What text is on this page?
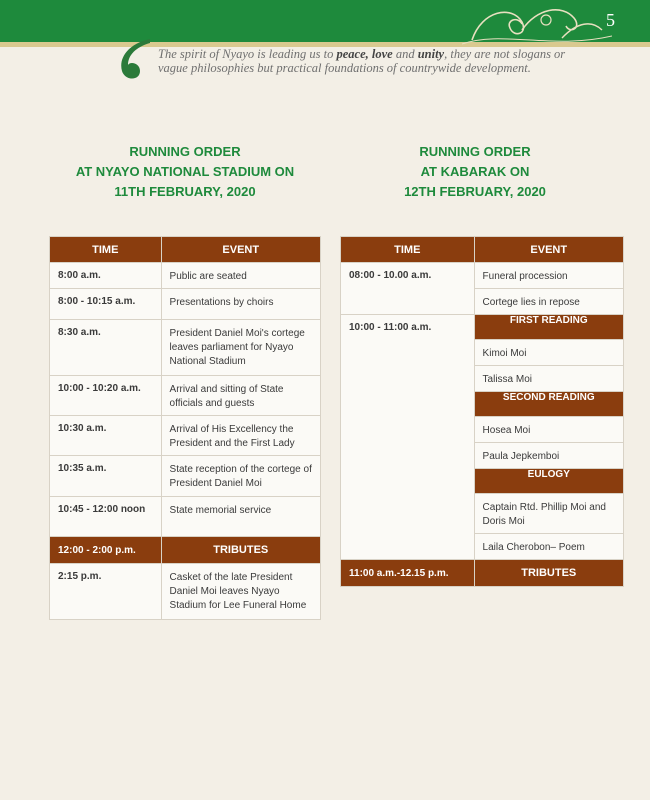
5
The spirit of Nyayo is leading us to peace, love and unity, they are not slogans or vague philosophies but practical foundations of countrywide development.
RUNNING ORDER
AT NYAYO NATIONAL STADIUM ON
11TH FEBRUARY, 2020
RUNNING ORDER
AT KABARAK ON
12TH FEBRUARY, 2020
TIME	EVENT
8:00 a.m.	Public are seated
8:00 - 10:15 a.m.	Presentations by choirs
8:30 a.m.	President Daniel Moi's cortege leaves parliament for Nyayo National Stadium
10:00 - 10:20 a.m.	Arrival and sitting of State officials and guests
10:30 a.m.	Arrival of His Excellency the President and the First Lady
10:35 a.m.	State reception of the cortege of President Daniel Moi
10:45 - 12:00 noon	State memorial service
12:00 - 2:00 p.m.	TRIBUTES
2:15 p.m.	Casket of the late President Daniel Moi leaves Nyayo Stadium for Lee Funeral Home
TIME	EVENT
08:00 - 10.00 a.m.	Funeral procession
	Cortege lies in repose
10:00 - 11:00 a.m.	FIRST READING
	Kimoi Moi
	Talissa Moi
	SECOND READING
	Hosea Moi
	Paula Jepkemboi
	EULOGY
	Captain Rtd. Phillip Moi and Doris Moi
	Laila Cherobon– Poem
11:00 a.m.-12.15 p.m.	TRIBUTES
